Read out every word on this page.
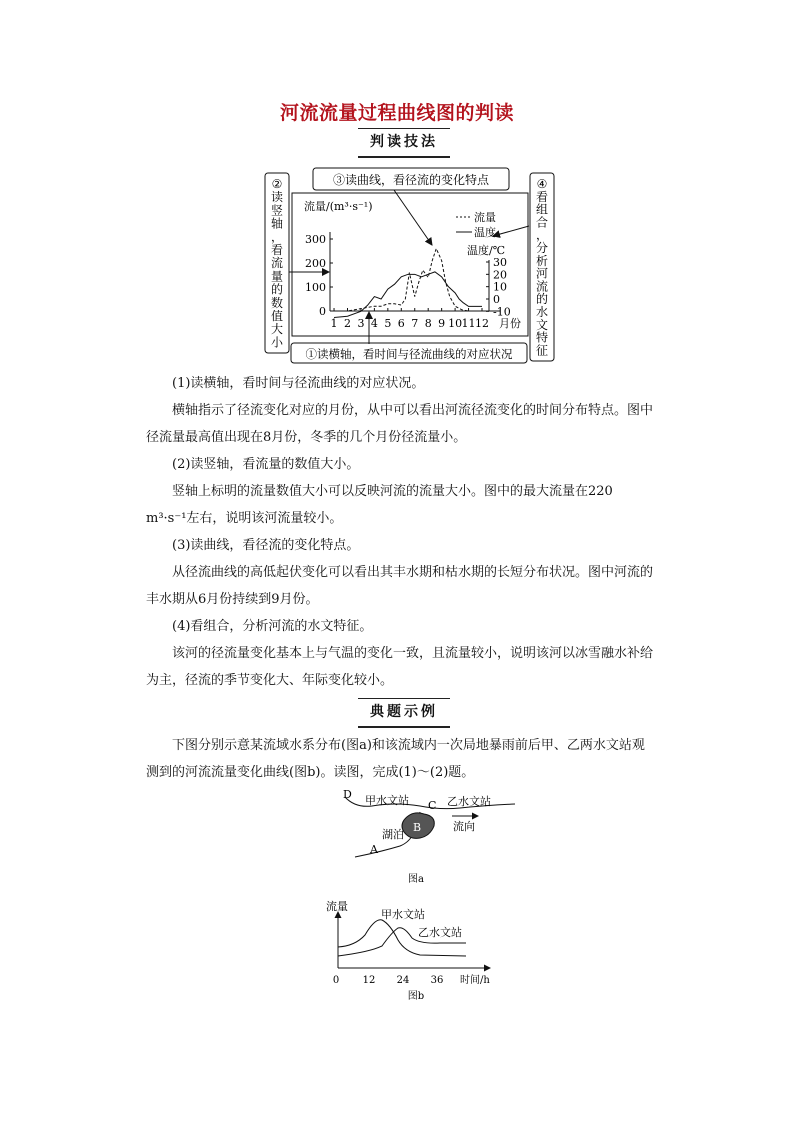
河流流量过程曲线图的判读
判读技法
③读曲线，看径流的变化特点
②
读
竖
轴
，
看
流
量
的
数
值
大
小
④
看
组
合
，
分
析
河
流
的
水
文
特
征
①读横轴，看时间与径流曲线的对应状况
流量/(m³·s⁻¹)
温度/℃
月份
流量
温度
1 2 3 4 5 6 7 8 9 10 11 12
0
100
200
300
-10
0
10
20
30
(1)读横轴，看时间与径流曲线的对应状况。
横轴指示了径流变化对应的月份，从中可以看出河流径流变化的时间分布特点。图中径流量最高值出现在8月份，冬季的几个月份径流量小。
(2)读竖轴，看流量的数值大小。
竖轴上标明的流量数值大小可以反映河流的流量大小。图中的最大流量在220 m³·s⁻¹左右，说明该河流量较小。
(3)读曲线，看径流的变化特点。
从径流曲线的高低起伏变化可以看出其丰水期和枯水期的长短分布状况。图中河流的丰水期从6月份持续到9月份。
(4)看组合，分析河流的水文特征。
该河的径流量变化基本上与气温的变化一致，且流量较小，说明该河以冰雪融水补给为主，径流的季节变化大、年际变化较小。
典题示例
下图分别示意某流域水系分布(图a)和该流域内一次局地暴雨前后甲、乙两水文站观测到的河流流量变化曲线(图b)。读图，完成(1)～(2)题。
D 甲水文站 C 乙水文站
B
湖泊
流向
A
图a
流量
甲水文站
乙水文站
0 12 24 36 时间/h
图b
